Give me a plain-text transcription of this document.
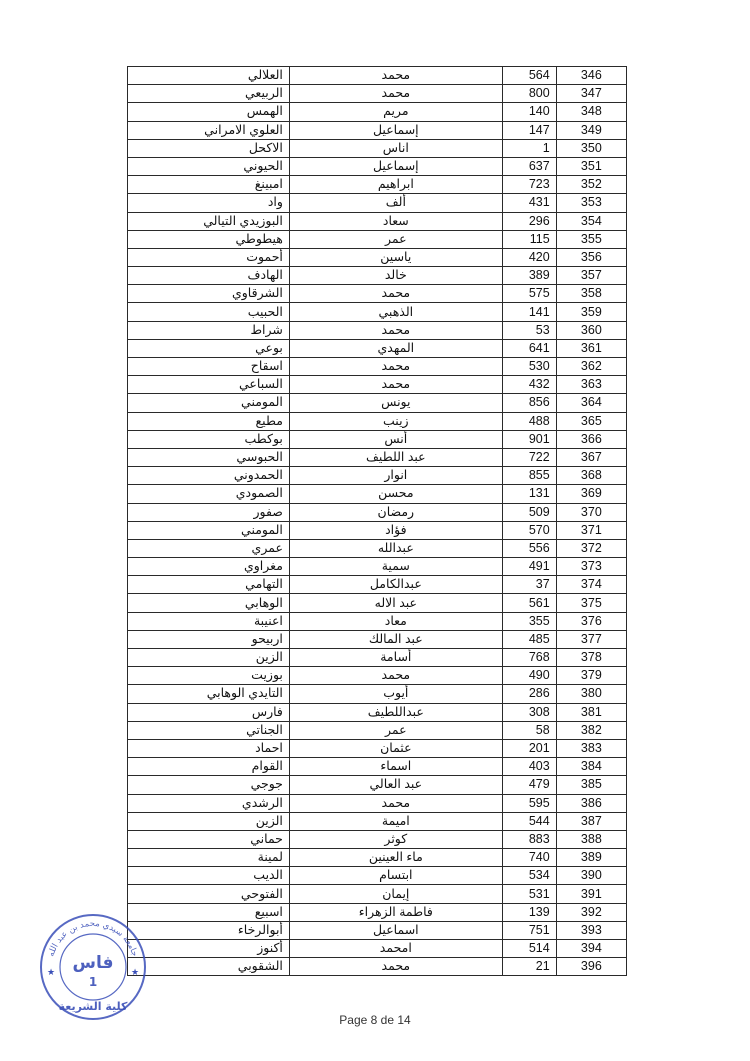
العلالي	محمد	564	346
الربيعي	محمد	800	347
الهمس	مريم	140	348
العلوي الامراني	إسماعيل	147	349
الاكحل	اناس	1	350
الحيوني	إسماعيل	637	351
امبينغ	ابراهيم	723	352
واد	ألف	431	353
البوزيدي التيالي	سعاد	296	354
هيطوطي	عمر	115	355
أحموت	ياسين	420	356
الهادف	خالد	389	357
الشرقاوي	محمد	575	358
الحبيب	الذهبي	141	359
شراط	محمد	53	360
بوعي	المهدي	641	361
اسقاح	محمد	530	362
السباعي	محمد	432	363
المومني	يونس	856	364
مطيع	زينب	488	365
بوكطب	أنس	901	366
الحبوسي	عبد اللطيف	722	367
الحمدوني	انوار	855	368
الصمودي	محسن	131	369
صفور	رمضان	509	370
المومني	فؤاد	570	371
عمري	عبدالله	556	372
مغراوي	سمية	491	373
التهامي	عبدالكامل	37	374
الوهابي	عبد الاله	561	375
اعنيبة	معاد	355	376
اربيحو	عبد المالك	485	377
الزين	أسامة	768	378
بوزيت	محمد	490	379
التايدي الوهابي	أيوب	286	380
فارس	عبداللطيف	308	381
الجناتي	عمر	58	382
احماد	عثمان	201	383
القوام	اسماء	403	384
جوجي	عبد العالي	479	385
الرشدي	محمد	595	386
الزين	اميمة	544	387
حماني	كوثر	883	388
لمينة	ماء العينين	740	389
الديب	ابتسام	534	390
الفتوحي	إيمان	531	391
اسبيع	فاطمة الزهراء	139	392
أبوالرخاء	اسماعيل	751	393
أكنوز	امحمد	514	394
الشقوبي	محمد	21	396
جامعة سيدي محمد بن عبد الله
فاس
1
كلية الشريعة
★	★
Page 8 de 14
